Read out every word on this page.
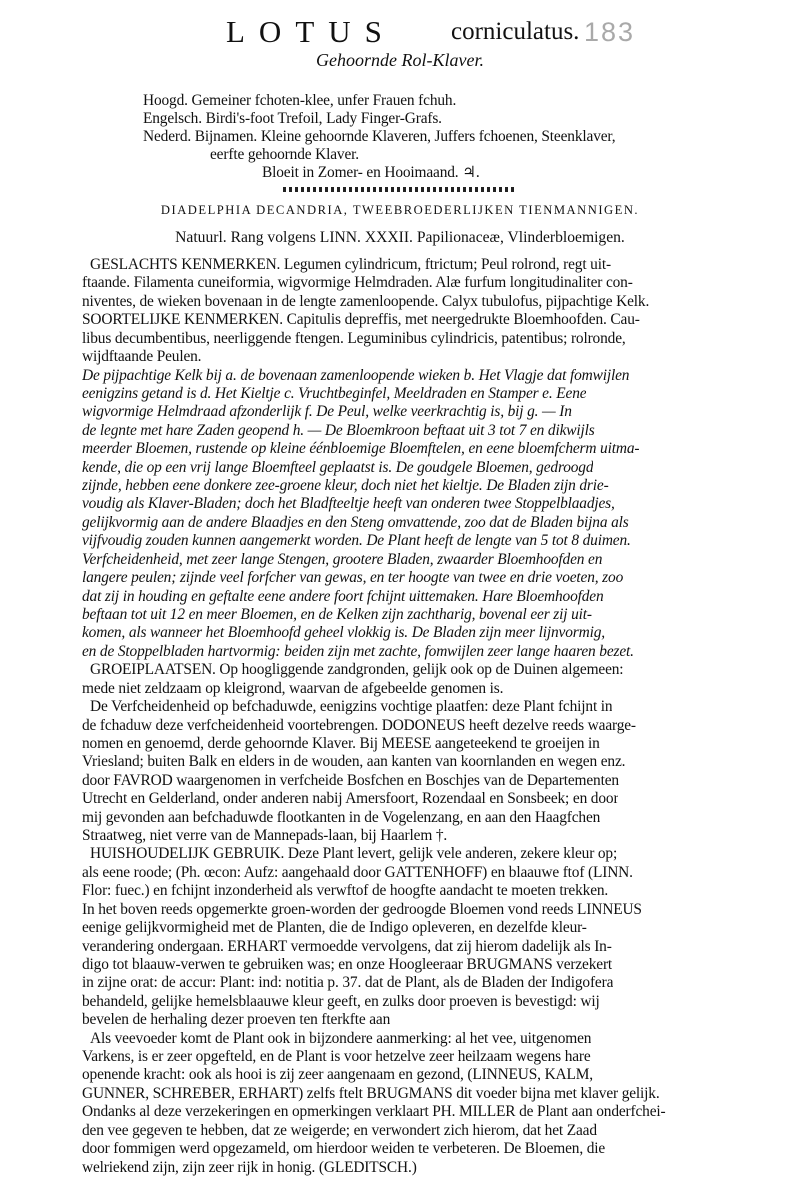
LOTUS corniculatus. 183
Gehoornde Rol-Klaver.
Hoogd. Gemeiner fchoten-klee, unfer Frauen fchuh.
Engelsch. Birdi's-foot Trefoil, Lady Finger-Grafs.
Nederd. Bijnamen. Kleine gehoornde Klaveren, Juffers fchoenen, Steenklaver,
eerfte gehoornde Klaver.
Bloeit in Zomer- en Hooimaand. ♃.
DIADELPHIA DECANDRIA, TWEEBROEDERLIJKEN TIENMANNIGEN.
Natuurl. Rang volgens LINN. XXXII. Papilionaceæ, Vlinderbloemigen.
GESLACHTS KENMERKEN. Legumen cylindricum, ftrictum; Peul rolrond, regt uit-
ftaande. Filamenta cuneiformia, wigvormige Helmdraden. Alæ furfum longitudinaliter con-
niventes, de wieken bovenaan in de lengte zamenloopende. Calyx tubulofus, pijpachtige Kelk.
SOORTELIJKE KENMERKEN. Capitulis depreffis, met neergedrukte Bloemhoofden. Cau-
libus decumbentibus, neerliggende ftengen. Leguminibus cylindricis, patentibus; rolronde,
wijdftaande Peulen.
De pijpachtige Kelk bij a. de bovenaan zamenloopende wieken b. Het Vlagje dat fomwijlen
eenigzins getand is d. Het Kieltje c. Vruchtbeginfel, Meeldraden en Stamper e. Eene
wigvormige Helmdraad afzonderlijk f. De Peul, welke veerkrachtig is, bij g. — In
de legnte met hare Zaden geopend h. — De Bloemkroon beftaat uit 3 tot 7 en dikwijls
meerder Bloemen, rustende op kleine éénbloemige Bloemftelen, en eene bloemfcherm uitma-
kende, die op een vrij lange Bloemfteel geplaatst is. De goudgele Bloemen, gedroogd
zijnde, hebben eene donkere zee-groene kleur, doch niet het kieltje. De Bladen zijn drie-
voudig als Klaver-Bladen; doch het Bladfteeltje heeft van onderen twee Stoppelblaadjes,
gelijkvormig aan de andere Blaadjes en den Steng omvattende, zoo dat de Bladen bijna als
vijfvoudig zouden kunnen aangemerkt worden. De Plant heeft de lengte van 5 tot 8 duimen.
Verfcheidenheid, met zeer lange Stengen, grootere Bladen, zwaarder Bloemhoofden en
langere peulen; zijnde veel forfcher van gewas, en ter hoogte van twee en drie voeten, zoo
dat zij in houding en geftalte eene andere foort fchijnt uittemaken. Hare Bloemhoofden
beftaan tot uit 12 en meer Bloemen, en de Kelken zijn zachtharig, bovenal eer zij uit-
komen, als wanneer het Bloemhoofd geheel vlokkig is. De Bladen zijn meer lijnvormig,
en de Stoppelbladen hartvormig: beiden zijn met zachte, fomwijlen zeer lange haaren bezet.
GROEIPLAATSEN. Op hoogliggende zandgronden, gelijk ook op de Duinen algemeen:
mede niet zeldzaam op kleigrond, waarvan de afgebeelde genomen is.
De Verfcheidenheid op befchaduwde, eenigzins vochtige plaatfen: deze Plant fchijnt in
de fchaduw deze verfcheidenheid voortebrengen. DODONEUS heeft dezelve reeds waarge-
nomen en genoemd, derde gehoornde Klaver. Bij MEESE aangeteekend te groeijen in
Vriesland; buiten Balk en elders in de wouden, aan kanten van koornlanden en wegen enz.
door FAVROD waargenomen in verfcheide Bosfchen en Boschjes van de Departementen
Utrecht en Gelderland, onder anderen nabij Amersfoort, Rozendaal en Sonsbeek; en door
mij gevonden aan befchaduwde flootkanten in de Vogelenzang, en aan den Haagfchen
Straatweg, niet verre van de Mannepads-laan, bij Haarlem †.
HUISHOUDELIJK GEBRUIK. Deze Plant levert, gelijk vele anderen, zekere kleur op;
als eene roode; (Ph. œcon: Aufz: aangehaald door GATTENHOFF) en blaauwe ftof (LINN.
Flor: fuec.) en fchijnt inzonderheid als verwftof de hoogfte aandacht te moeten trekken.
In het boven reeds opgemerkte groen-worden der gedroogde Bloemen vond reeds LINNEUS
eenige gelijkvormigheid met de Planten, die de Indigo opleveren, en dezelfde kleur-
verandering ondergaan. ERHART vermoedde vervolgens, dat zij hierom dadelijk als In-
digo tot blaauw-verwen te gebruiken was; en onze Hoogleeraar BRUGMANS verzekert
in zijne orat: de accur: Plant: ind: notitia p. 37. dat de Plant, als de Bladen der Indigofera
behandeld, gelijke hemelsblaauwe kleur geeft, en zulks door proeven is bevestigd: wij
bevelen de herhaling dezer proeven ten fterkfte aan
Als veevoeder komt de Plant ook in bijzondere aanmerking: al het vee, uitgenomen
Varkens, is er zeer opgefteld, en de Plant is voor hetzelve zeer heilzaam wegens hare
openende kracht: ook als hooi is zij zeer aangenaam en gezond, (LINNEUS, KALM,
GUNNER, SCHREBER, ERHART) zelfs ftelt BRUGMANS dit voeder bijna met klaver gelijk.
Ondanks al deze verzekeringen en opmerkingen verklaart PH. MILLER de Plant aan onderfchei-
den vee gegeven te hebben, dat ze weigerde; en verwondert zich hierom, dat het Zaad
door fommigen werd opgezameld, om hierdoor weiden te verbeteren. De Bloemen, die
welriekend zijn, zijn zeer rijk in honig. (GLEDITSCH.)
